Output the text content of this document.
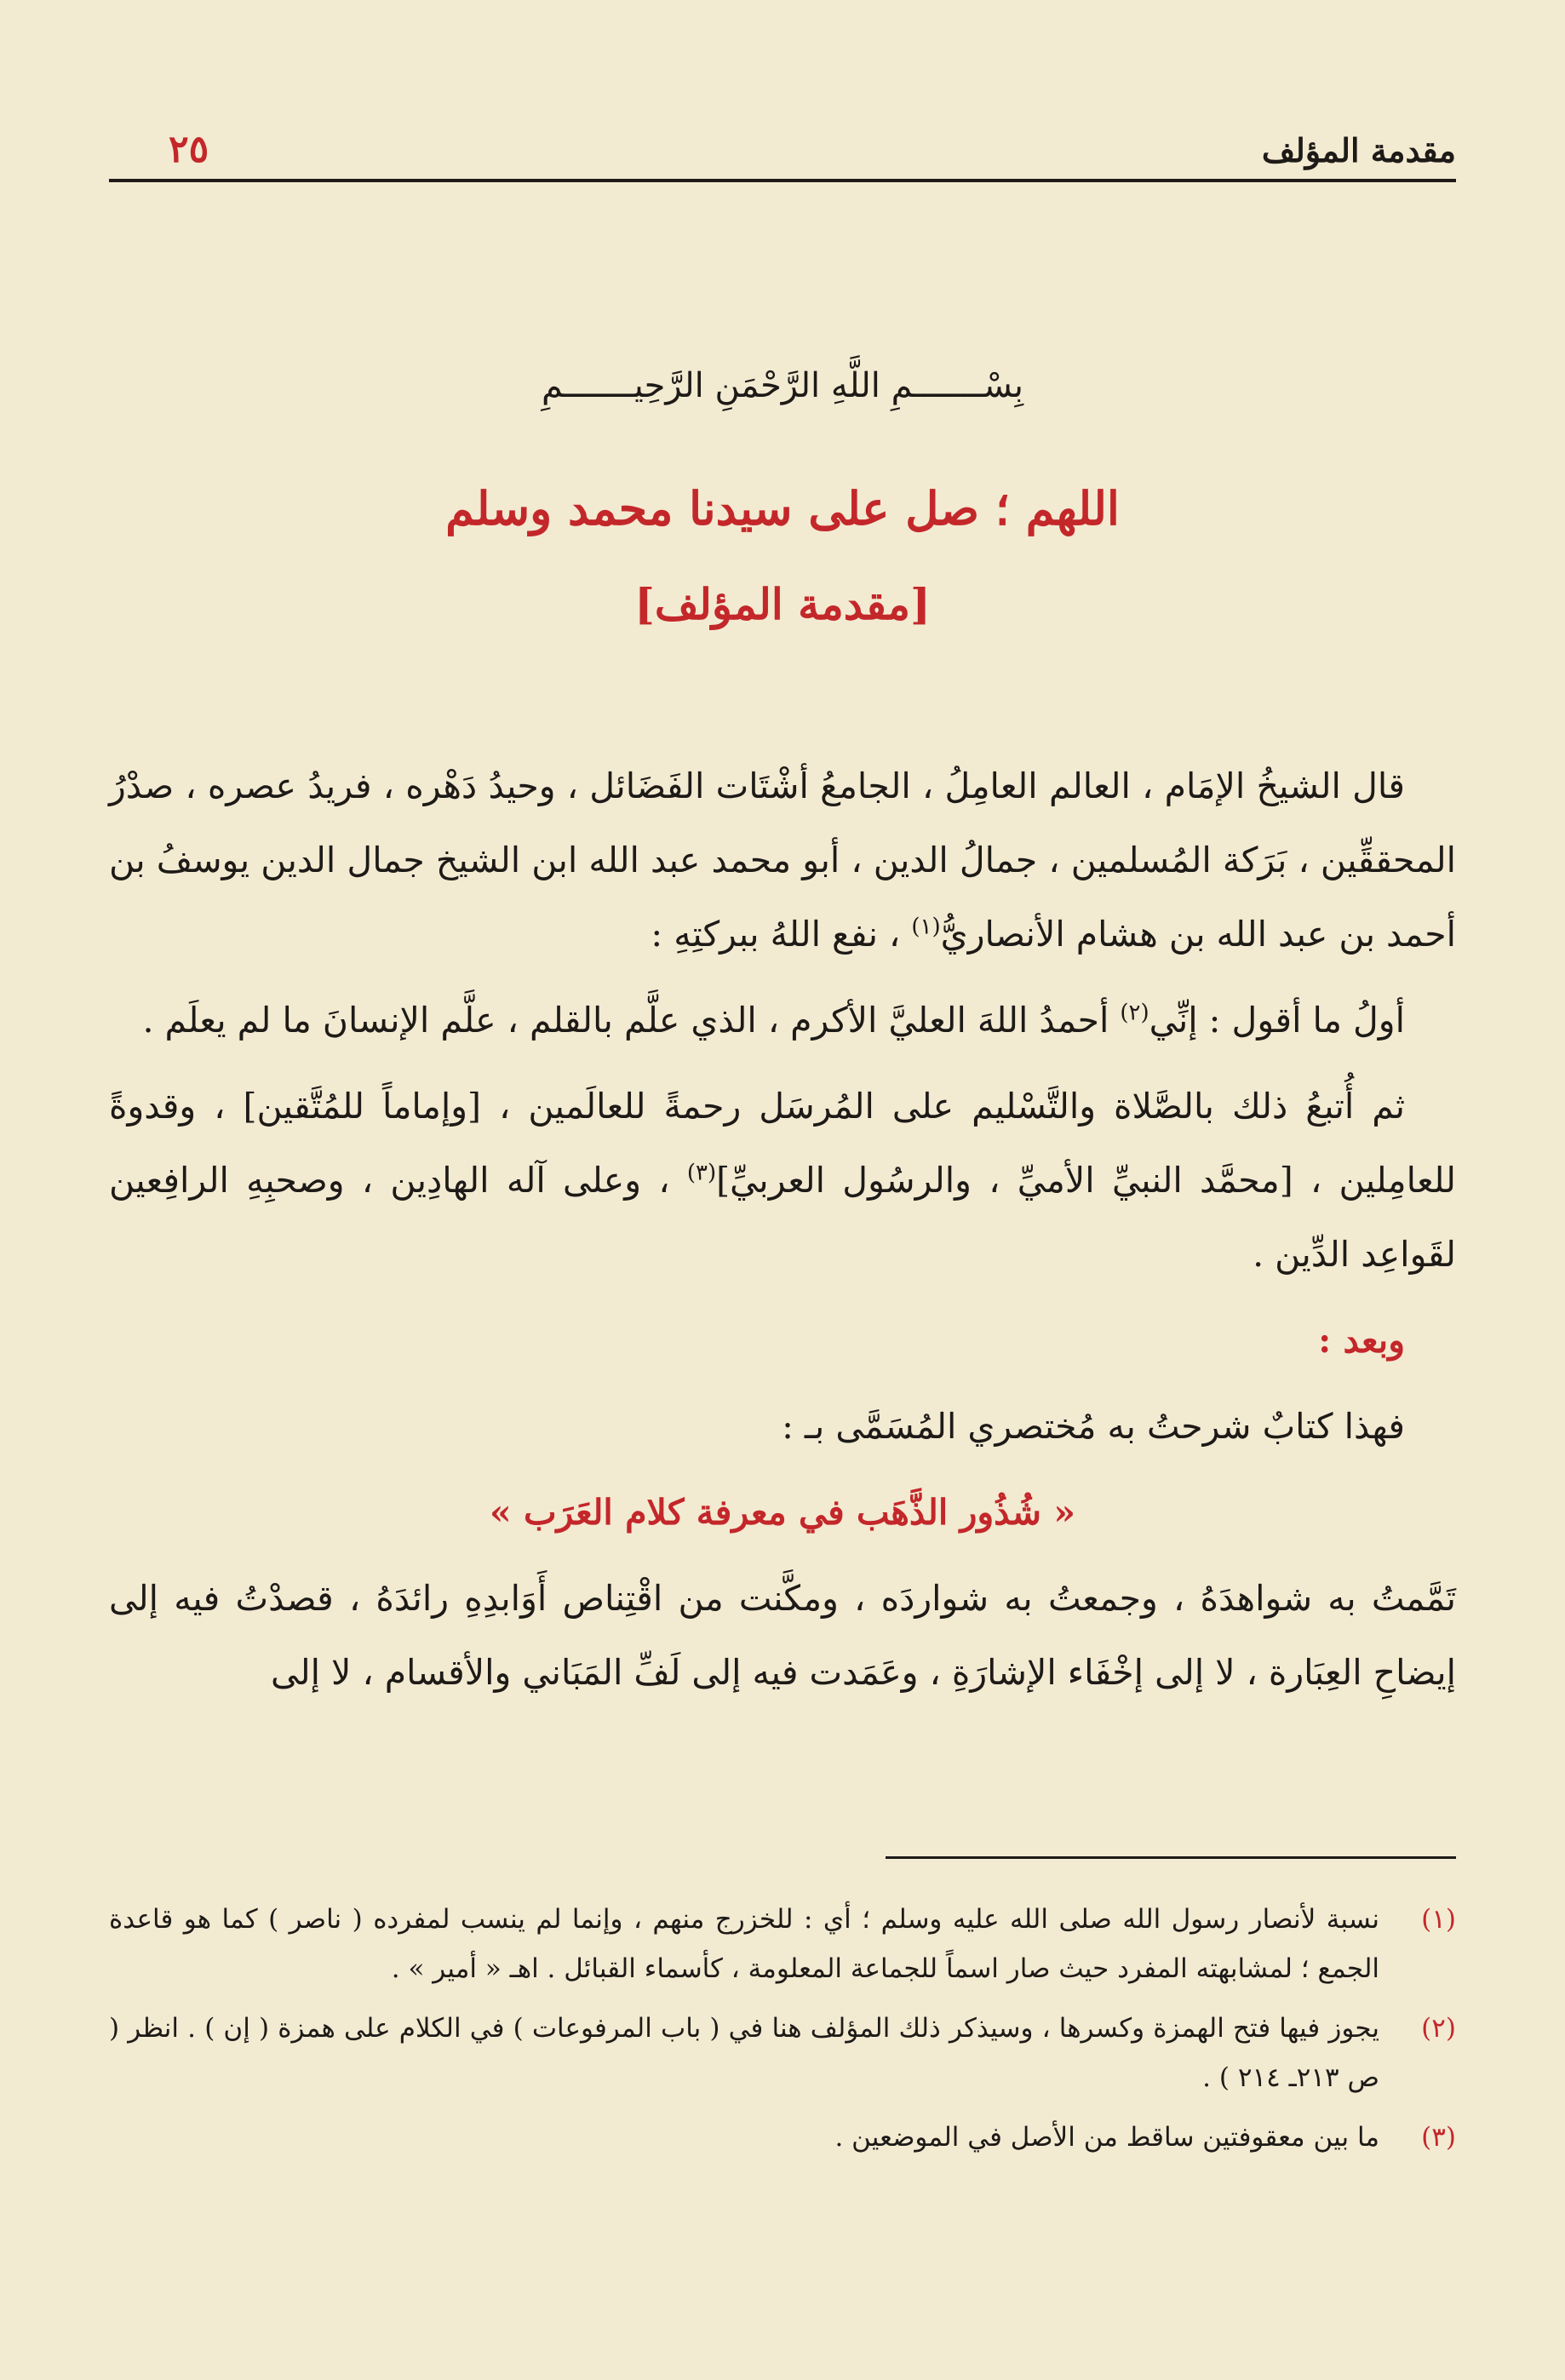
مقدمة المؤلف
٢٥
بِسْـــــــمِ اللَّهِ الرَّحْمَنِ الرَّحِيـــــــمِ
اللهم ؛ صل على سيدنا محمد وسلم
[مقدمة المؤلف]

قال الشيخُ الإمَام ، العالم العامِلُ ، الجامعُ أشْتَات الفَضَائل ، وحيدُ دَهْره ، فريدُ عصره ، صدْرُ المحققِّين ، بَرَكة المُسلمين ، جمالُ الدين ، أبو محمد عبد الله ابن الشيخ جمال الدين يوسفُ بن أحمد بن عبد الله بن هشام الأنصاريُّ$^{(١)}$ ، نفع اللهُ ببركتِهِ :

أولُ ما أقول : إنِّي$^{(٢)}$ أحمدُ اللهَ العليَّ الأكرم ، الذي علَّم بالقلم ، علَّم الإنسانَ ما لم يعلَم .

ثم أُتبعُ ذلك بالصَّلاة والتَّسْليم على المُرسَل رحمةً للعالَمين ، [وإماماً للمُتَّقين] ، وقدوةً للعامِلين ، [محمَّد النبيِّ الأميِّ ، والرسُول العربيِّ]$^{(٣)}$ ، وعلى آله الهادِين ، وصحبِهِ الرافِعين لقَواعِد الدِّين .

وبعد :

فهذا كتابٌ شرحتُ به مُختصري المُسَمَّى بـ :

« شُذُور الذَّهَب في معرفة كلام العَرَب »

تَمَّمتُ به شواهدَهُ ، وجمعتُ به شواردَه ، ومكَّنت من اقْتِناص أَوَابدِهِ رائدَهُ ، قصدْتُ فيه إلى إيضاحِ العِبَارة ، لا إلى إخْفَاء الإشارَةِ ، وعَمَدت فيه إلى لَفِّ المَبَاني والأقسام ، لا إلى

(١)
نسبة لأنصار رسول الله صلى الله عليه وسلم ؛ أي : للخزرج منهم ، وإنما لم ينسب لمفرده ( ناصر ) كما هو قاعدة الجمع ؛ لمشابهته المفرد حيث صار اسماً للجماعة المعلومة ، كأسماء القبائل . اهـ « أمير » .
(٢)
يجوز فيها فتح الهمزة وكسرها ، وسيذكر ذلك المؤلف هنا في ( باب المرفوعات ) في الكلام على همزة ( إن ) . انظر ( ص ٢١٣ـ ٢١٤ ) .
(٣)
ما بين معقوفتين ساقط من الأصل في الموضعين .
